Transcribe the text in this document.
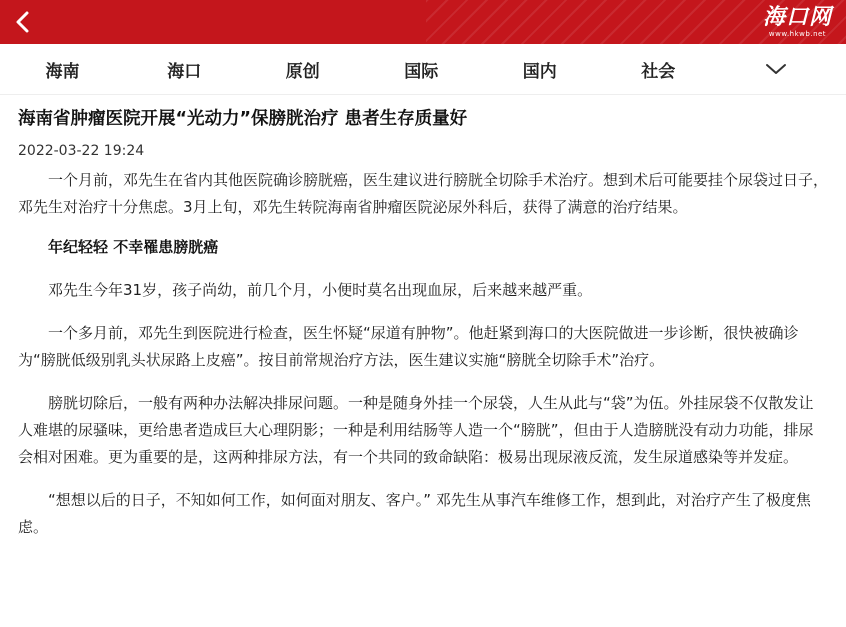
海口网
www.hkwb.net
海南	海口	原创	国际	国内	社会
海南省肿瘤医院开展“光动力”保膀胱治疗 患者生存质量好
2022-03-22 19:24

一个月前，邓先生在省内其他医院确诊膀胱癌，医生建议进行膀胱全切除手术治疗。想到术后可能要挂个尿袋过日子，邓先生对治疗十分焦虑。3月上旬，邓先生转院海南省肿瘤医院泌尿外科后，获得了满意的治疗结果。

年纪轻轻 不幸罹患膀胱癌

邓先生今年31岁，孩子尚幼，前几个月，小便时莫名出现血尿，后来越来越严重。

一个多月前，邓先生到医院进行检查，医生怀疑“尿道有肿物”。他赶紧到海口的大医院做进一步诊断，很快被确诊为“膀胱低级别乳头状尿路上皮癌”。按目前常规治疗方法，医生建议实施“膀胱全切除手术”治疗。

膀胱切除后，一般有两种办法解决排尿问题。一种是随身外挂一个尿袋，人生从此与“袋”为伍。外挂尿袋不仅散发让人难堪的尿骚味，更给患者造成巨大心理阴影；一种是利用结肠等人造一个“膀胱”，但由于人造膀胱没有动力功能，排尿会相对困难。更为重要的是，这两种排尿方法，有一个共同的致命缺陷：极易出现尿液反流，发生尿道感染等并发症。

“想想以后的日子，不知如何工作，如何面对朋友、客户。” 邓先生从事汽车维修工作，想到此，对治疗产生了极度焦虑。
